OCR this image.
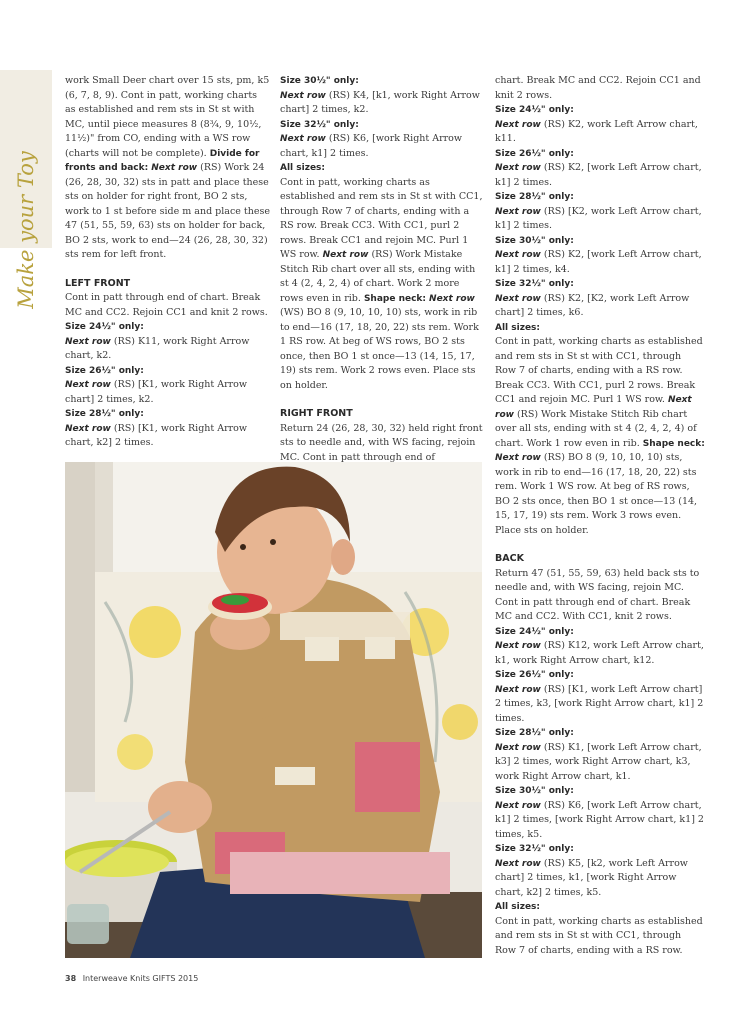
Make your Toy

work Small Deer chart over 15 sts, pm, k5 (6, 7, 8, 9). Cont in patt, working charts as established and rem sts in St st with MC, until piece measures 8 (8¾, 9, 10½, 11½)" from CO, ending with a WS row (charts will not be complete). Divide for fronts and back: Next row (RS) Work 24 (26, 28, 30, 32) sts in patt and place these sts on holder for right front, BO 2 sts, work to 1 st before side m and place these 47 (51, 55, 59, 63) sts on holder for back, BO 2 sts, work to end—24 (26, 28, 30, 32) sts rem for left front.

LEFT FRONT

Cont in patt through end of chart. Break MC and CC2. Rejoin CC1 and knit 2 rows.

Size 24½" only:

Next row (RS) K11, work Right Arrow chart, k2.

Size 26½" only:

Next row (RS) [K1, work Right Arrow chart] 2 times, k2.

Size 28½" only:

Next row (RS) [K1, work Right Arrow chart, k2] 2 times.

Size 30½" only:

Next row (RS) K4, [k1, work Right Arrow chart] 2 times, k2.

Size 32½" only:

Next row (RS) K6, [work Right Arrow chart, k1] 2 times.

All sizes:

Cont in patt, working charts as established and rem sts in St st with CC1, through Row 7 of charts, ending with a RS row. Break CC3. With CC1, purl 2 rows. Break CC1 and rejoin MC. Purl 1 WS row. Next row (RS) Work Mistake Stitch Rib chart over all sts, ending with st 4 (2, 4, 2, 4) of chart. Work 2 more rows even in rib. Shape neck: Next row (WS) BO 8 (9, 10, 10, 10) sts, work in rib to end—16 (17, 18, 20, 22) sts rem. Work 1 RS row. At beg of WS rows, BO 2 sts once, then BO 1 st once—13 (14, 15, 17, 19) sts rem. Work 2 rows even. Place sts on holder.

RIGHT FRONT

Return 24 (26, 28, 30, 32) held right front sts to needle and, with WS facing, rejoin MC. Cont in patt through end of

chart. Break MC and CC2. Rejoin CC1 and knit 2 rows.

Size 24½" only:

Next row (RS) K2, work Left Arrow chart, k11.

Size 26½" only:

Next row (RS) K2, [work Left Arrow chart, k1] 2 times.

Size 28½" only:

Next row (RS) [K2, work Left Arrow chart, k1] 2 times.

Size 30½" only:

Next row (RS) K2, [work Left Arrow chart, k1] 2 times, k4.

Size 32½" only:

Next row (RS) K2, [K2, work Left Arrow chart] 2 times, k6.

All sizes:

Cont in patt, working charts as established and rem sts in St st with CC1, through Row 7 of charts, ending with a RS row. Break CC3. With CC1, purl 2 rows. Break CC1 and rejoin MC. Purl 1 WS row. Next row (RS) Work Mistake Stitch Rib chart over all sts, ending with st 4 (2, 4, 2, 4) of chart. Work 1 row even in rib. Shape neck: Next row (RS) BO 8 (9, 10, 10, 10) sts, work in rib to end—16 (17, 18, 20, 22) sts rem. Work 1 WS row. At beg of RS rows, BO 2 sts once, then BO 1 st once—13 (14, 15, 17, 19) sts rem. Work 3 rows even. Place sts on holder.

BACK

Return 47 (51, 55, 59, 63) held back sts to needle and, with WS facing, rejoin MC. Cont in patt through end of chart. Break MC and CC2. With CC1, knit 2 rows.

Size 24½" only:

Next row (RS) K12, work Left Arrow chart, k1, work Right Arrow chart, k12.

Size 26½" only:

Next row (RS) [K1, work Left Arrow chart] 2 times, k3, [work Right Arrow chart, k1] 2 times.

Size 28½" only:

Next row (RS) K1, [work Left Arrow chart, k3] 2 times, work Right Arrow chart, k3, work Right Arrow chart, k1.

Size 30½" only:

Next row (RS) K6, [work Left Arrow chart, k1] 2 times, [work Right Arrow chart, k1] 2 times, k5.

Size 32½" only:

Next row (RS) K5, [k2, work Left Arrow chart] 2 times, k1, [work Right Arrow chart, k2] 2 times, k5.

All sizes:

Cont in patt, working charts as established and rem sts in St st with CC1, through Row 7 of charts, ending with a RS row.

38 Interweave Knits GIFTS 2015
